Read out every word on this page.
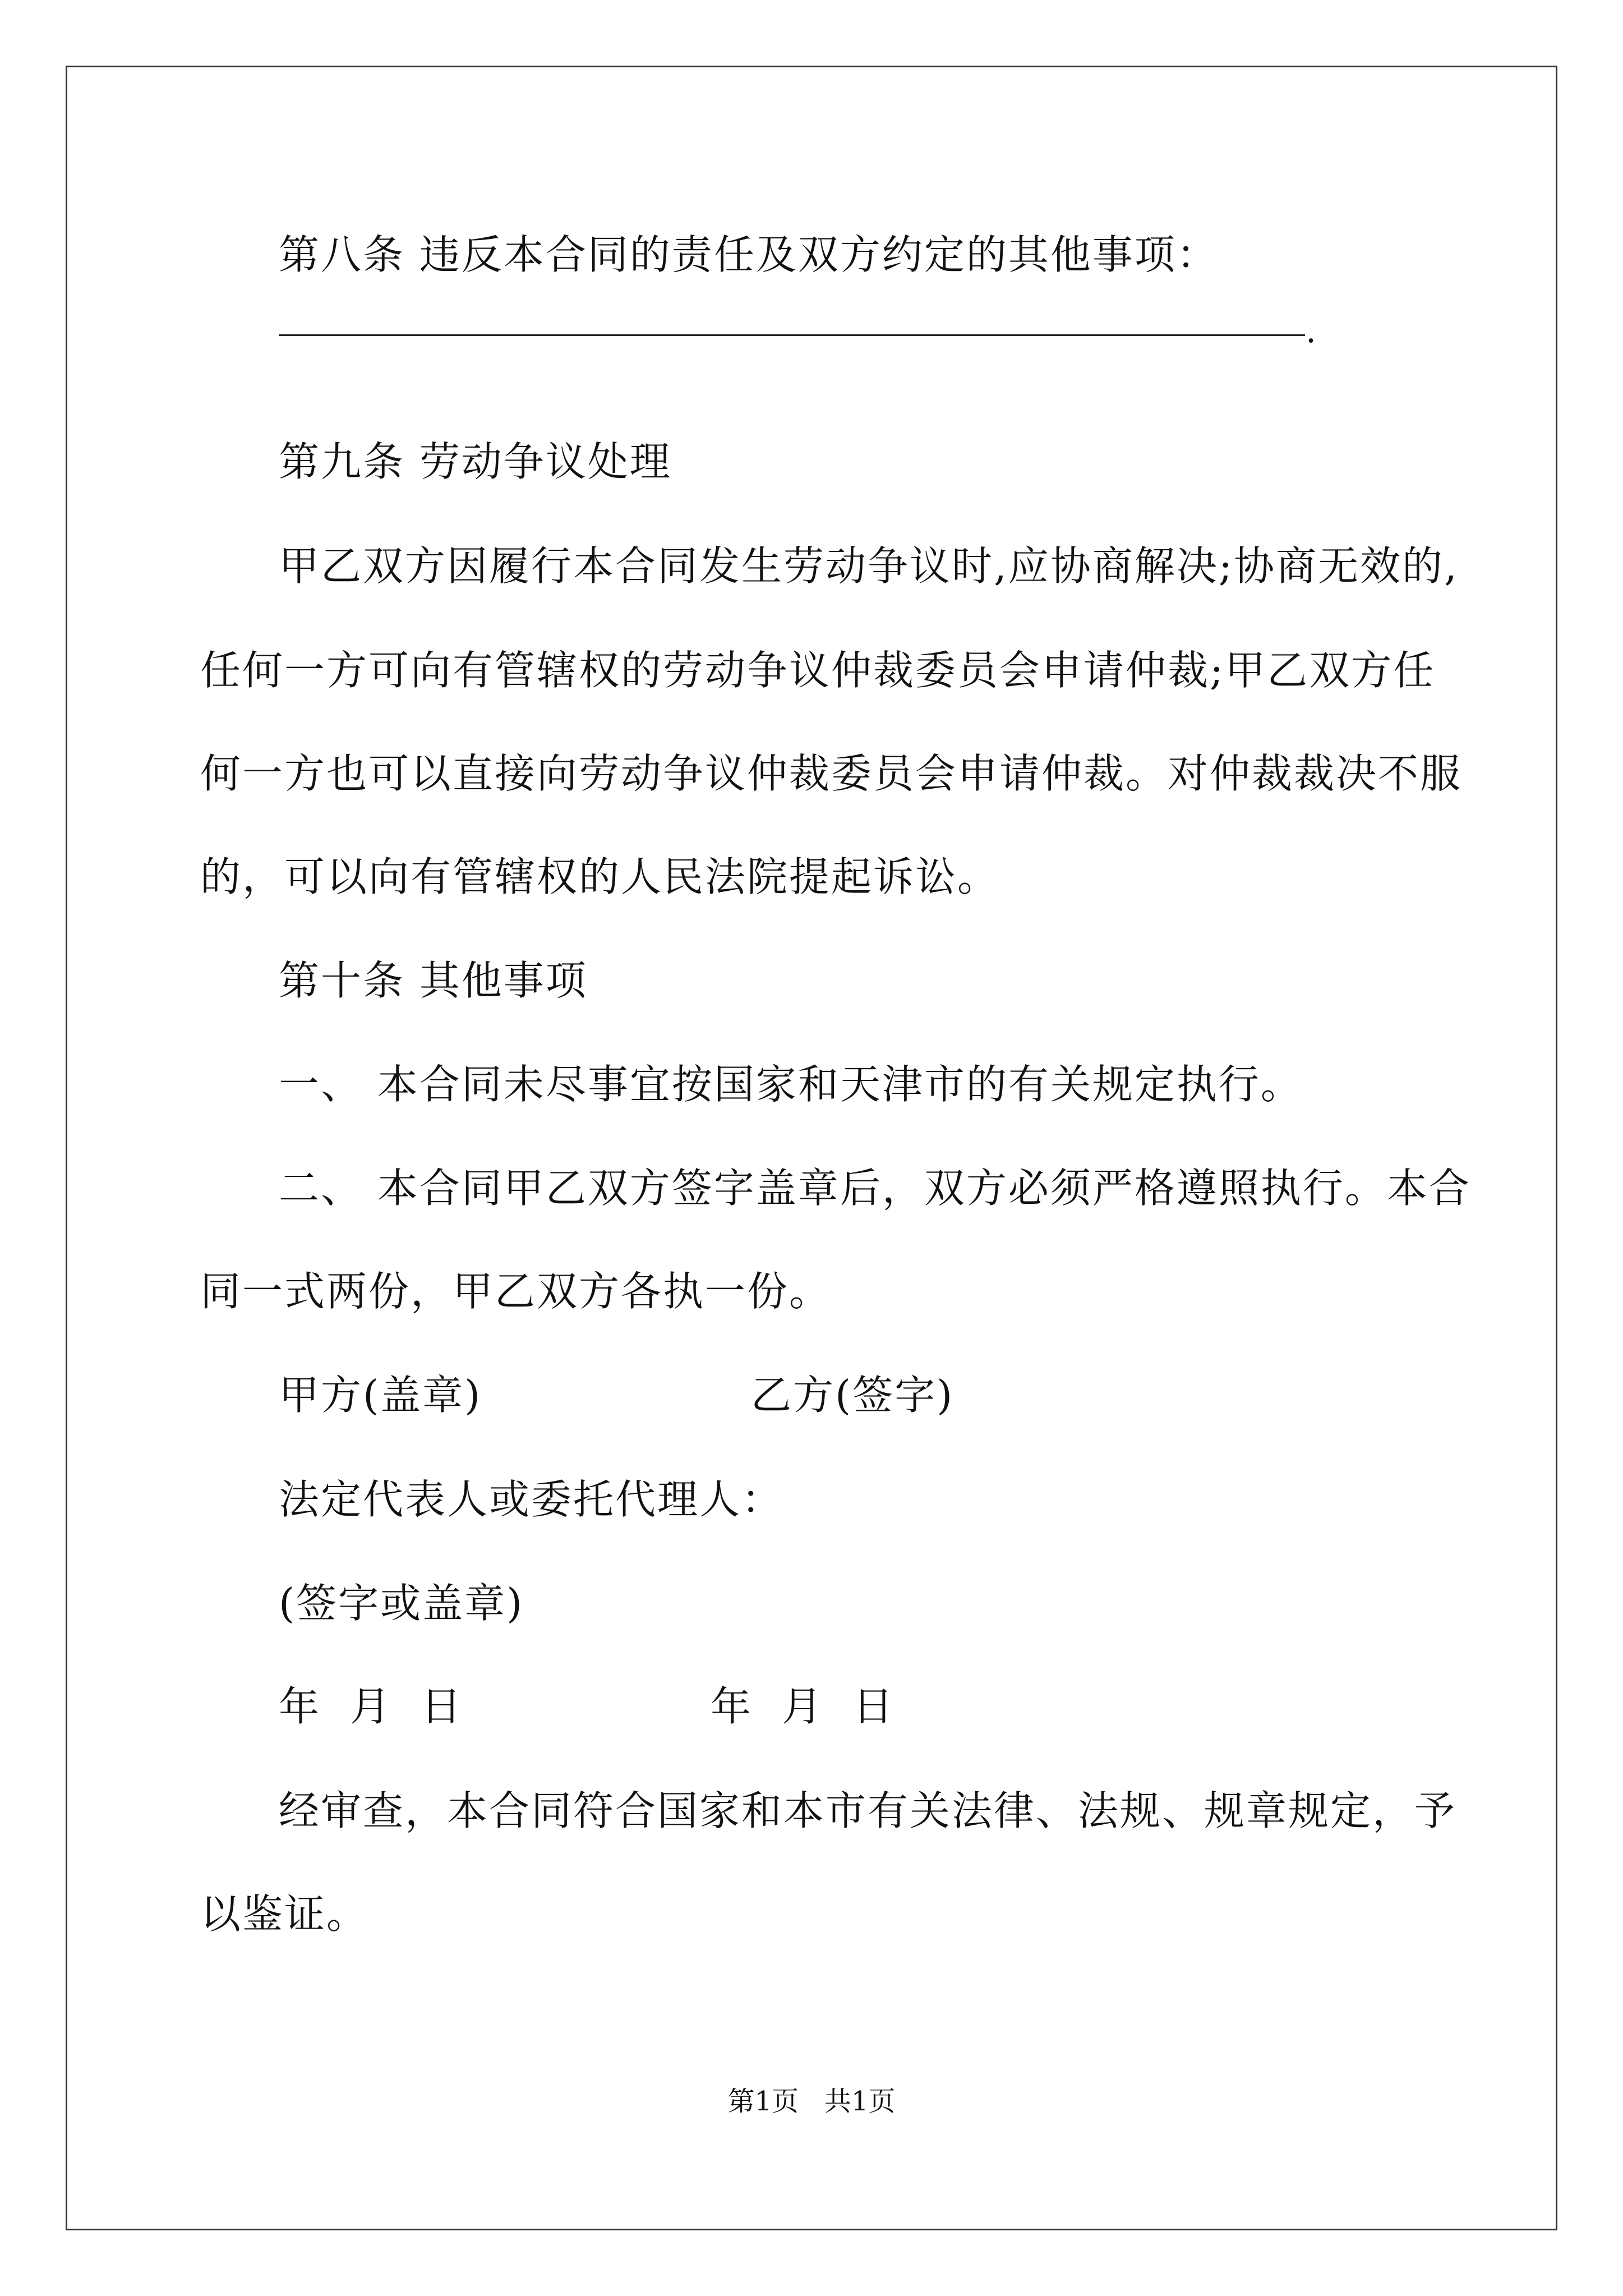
第八条 违反本合同的责任及双方约定的其他事项：
.
第九条 劳动争议处理
甲乙双方因履行本合同发生劳动争议时,应协商解决;协商无效的,
任何一方可向有管辖权的劳动争议仲裁委员会申请仲裁;甲乙双方任
何一方也可以直接向劳动争议仲裁委员会申请仲裁。对仲裁裁决不服
的，可以向有管辖权的人民法院提起诉讼。
第十条 其他事项
一、 本合同未尽事宜按国家和天津市的有关规定执行。
二、 本合同甲乙双方签字盖章后，双方必须严格遵照执行。本合
同一式两份，甲乙双方各执一份。
甲方(盖章)	乙方(签字)
法定代表人或委托代理人：
(签字或盖章)
年  月  日	年  月  日
经审查，本合同符合国家和本市有关法律、法规、规章规定，予
以鉴证。
第1页   共1页
